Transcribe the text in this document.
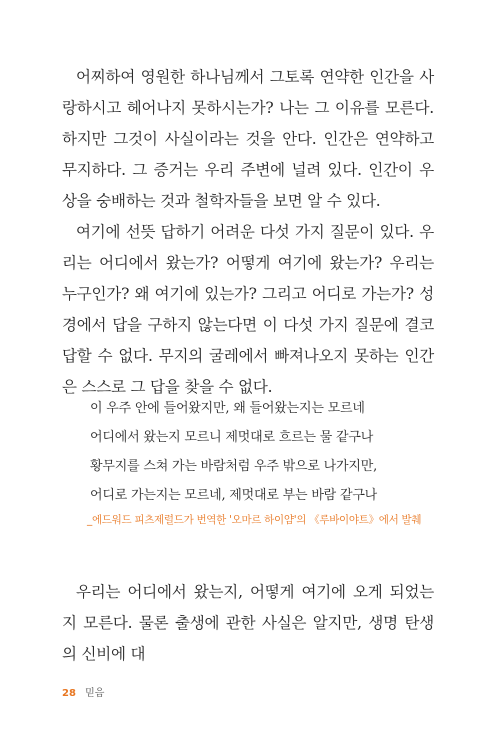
어찌하여 영원한 하나님께서 그토록 연약한 인간을 사랑하시고 헤어나지 못하시는가? 나는 그 이유를 모른다. 하지만 그것이 사실이라는 것을 안다. 인간은 연약하고 무지하다. 그 증거는 우리 주변에 널려 있다. 인간이 우상을 숭배하는 것과 철학자들을 보면 알 수 있다.

여기에 선뜻 답하기 어려운 다섯 가지 질문이 있다. 우리는 어디에서 왔는가? 어떻게 여기에 왔는가? 우리는 누구인가? 왜 여기에 있는가? 그리고 어디로 가는가? 성경에서 답을 구하지 않는다면 이 다섯 가지 질문에 결코 답할 수 없다. 무지의 굴레에서 빠져나오지 못하는 인간은 스스로 그 답을 찾을 수 없다.

이 우주 안에 들어왔지만, 왜 들어왔는지는 모르네
어디에서 왔는지 모르니 제멋대로 흐르는 물 같구나
황무지를 스쳐 가는 바람처럼 우주 밖으로 나가지만,
어디로 가는지는 모르네, 제멋대로 부는 바람 같구나
_에드워드 피츠제럴드가 번역한 '오마르 하이얌'의 《루바이야트》에서 발췌

우리는 어디에서 왔는지, 어떻게 여기에 오게 되었는지 모른다. 물론 출생에 관한 사실은 알지만, 생명 탄생의 신비에 대

28 믿음
